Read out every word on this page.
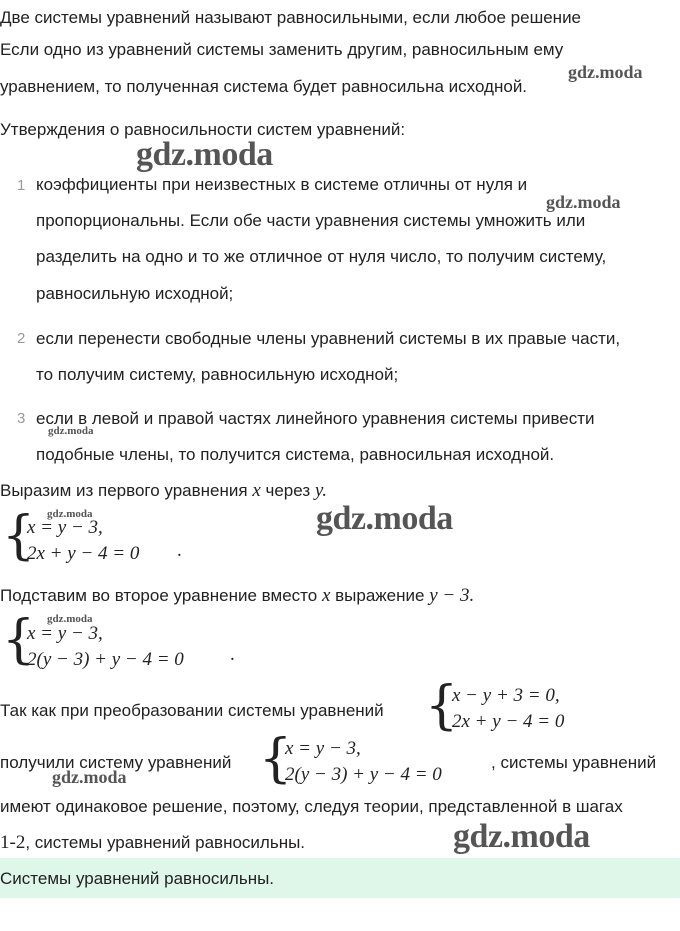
Две системы уравнений называют равносильными, если любое решение
Если одно из уравнений системы заменить другим, равносильным ему
уравнением, то полученная система будет равносильна исходной.
Утверждения о равносильности систем уравнений:
1 коэффициенты при неизвестных в системе отличны от нуля и
пропорциональны. Если обе части уравнения системы умножить или
разделить на одно и то же отличное от нуля число, то получим систему,
равносильную исходной;
2 если перенести свободные члены уравнений системы в их правые части,
то получим систему, равносильную исходной;
3 если в левой и правой частях линейного уравнения системы привести
подобные члены, то получится система, равносильная исходной.
Выразим из первого уравнения x через y.
{
x = y − 3,
2x + y − 4 = 0 .
Подставим во второе уравнение вместо x выражение y − 3.
{
x = y − 3,
2(y − 3) + y − 4 = 0 .
Так как при преобразовании системы уравнений {
x − y + 3 = 0,
2x + y − 4 = 0
получили систему уравнений {
x = y − 3,
2(y − 3) + y − 4 = 0
, системы уравнений
имеют одинаковое решение, поэтому, следуя теории, представленной в шагах
1-2, системы уравнений равносильны.
Системы уравнений равносильны.
gdz.moda
gdz.moda
gdz.moda
gdz.moda
gdz.moda	gdz.moda
gdz.moda
gdz.moda
gdz.moda
